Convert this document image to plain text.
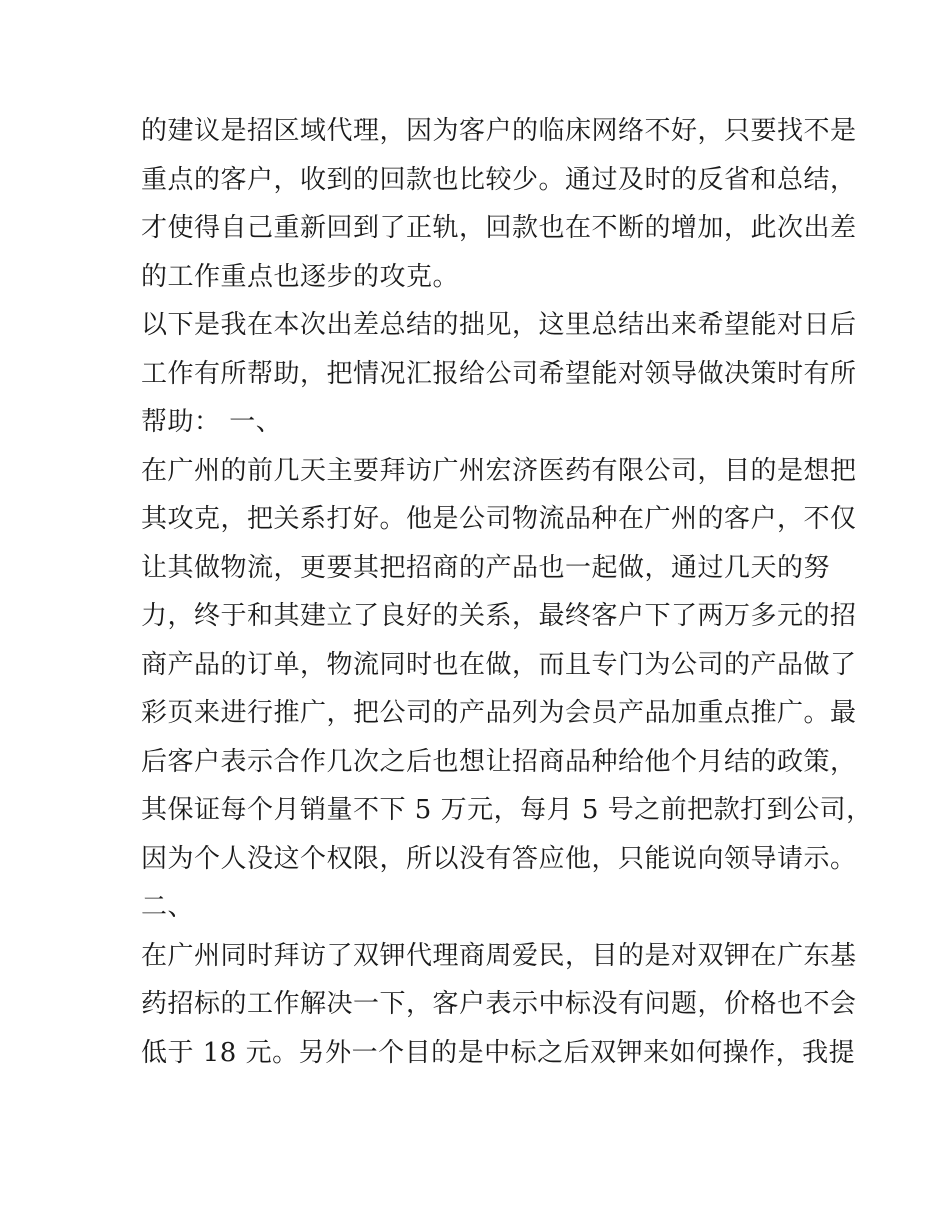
的建议是招区域代理，因为客户的临床网络不好，只要找不是
重点的客户，收到的回款也比较少。通过及时的反省和总结，
才使得自己重新回到了正轨，回款也在不断的增加，此次出差
的工作重点也逐步的攻克。
以下是我在本次出差总结的拙见，这里总结出来希望能对日后
工作有所帮助，把情况汇报给公司希望能对领导做决策时有所
帮助： 一、
在广州的前几天主要拜访广州宏济医药有限公司，目的是想把
其攻克，把关系打好。他是公司物流品种在广州的客户，不仅
让其做物流，更要其把招商的产品也一起做，通过几天的努
力，终于和其建立了良好的关系，最终客户下了两万多元的招
商产品的订单，物流同时也在做，而且专门为公司的产品做了
彩页来进行推广，把公司的产品列为会员产品加重点推广。最
后客户表示合作几次之后也想让招商品种给他个月结的政策，
其保证每个月销量不下 5 万元，每月 5 号之前把款打到公司，
因为个人没这个权限，所以没有答应他，只能说向领导请示。
二、
在广州同时拜访了双钾代理商周爱民，目的是对双钾在广东基
药招标的工作解决一下，客户表示中标没有问题，价格也不会
低于 18 元。另外一个目的是中标之后双钾来如何操作，我提
